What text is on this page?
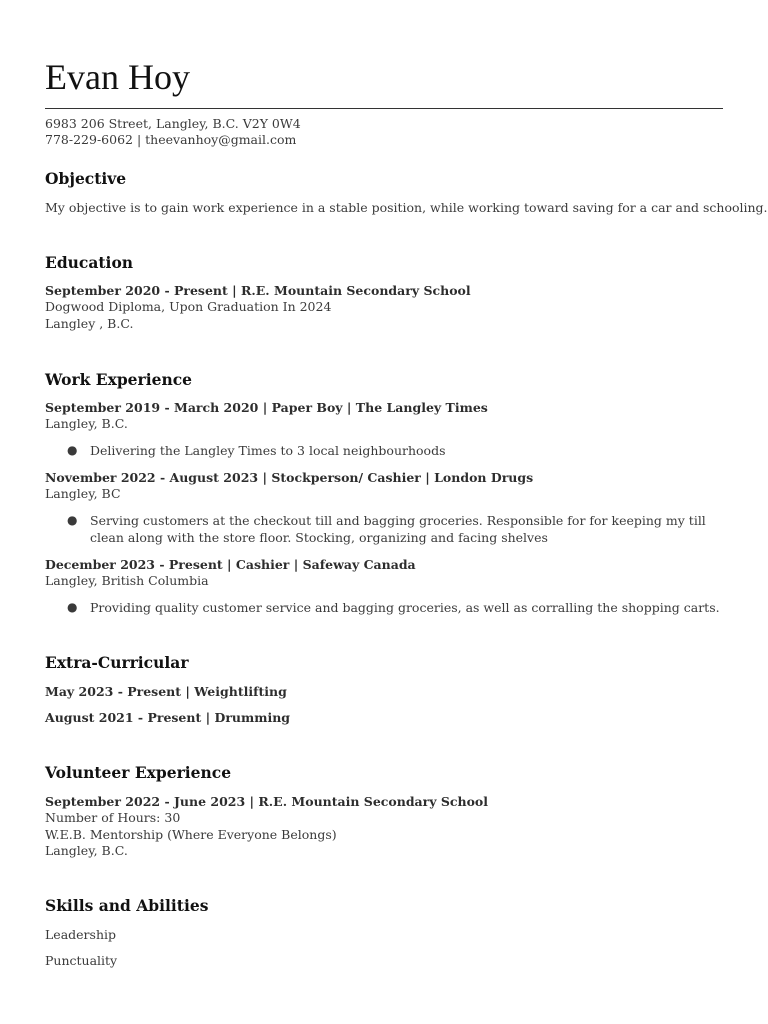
Evan Hoy
6983 206 Street, Langley, B.C. V2Y 0W4
778-229-6062 | theevanhoy@gmail.com
Objective
My objective is to gain work experience in a stable position, while working toward saving for a car and schooling.
Education
September 2020 - Present | R.E. Mountain Secondary School
Dogwood Diploma, Upon Graduation In 2024
Langley , B.C.
Work Experience
September 2019 - March 2020 | Paper Boy | The Langley Times
Langley, B.C.
● Delivering the Langley Times to 3 local neighbourhoods
November 2022 - August 2023 | Stockperson/ Cashier | London Drugs
Langley, BC
● Serving customers at the checkout till and bagging groceries. Responsible for for keeping my till clean along with the store floor. Stocking, organizing and facing shelves
December 2023 - Present | Cashier | Safeway Canada
Langley, British Columbia
● Providing quality customer service and bagging groceries, as well as corralling the shopping carts.
Extra-Curricular
May 2023 - Present | Weightlifting
August 2021 - Present | Drumming
Volunteer Experience
September 2022 - June 2023 | R.E. Mountain Secondary School
Number of Hours: 30
W.E.B. Mentorship (Where Everyone Belongs)
Langley, B.C.
Skills and Abilities
Leadership
Punctuality
